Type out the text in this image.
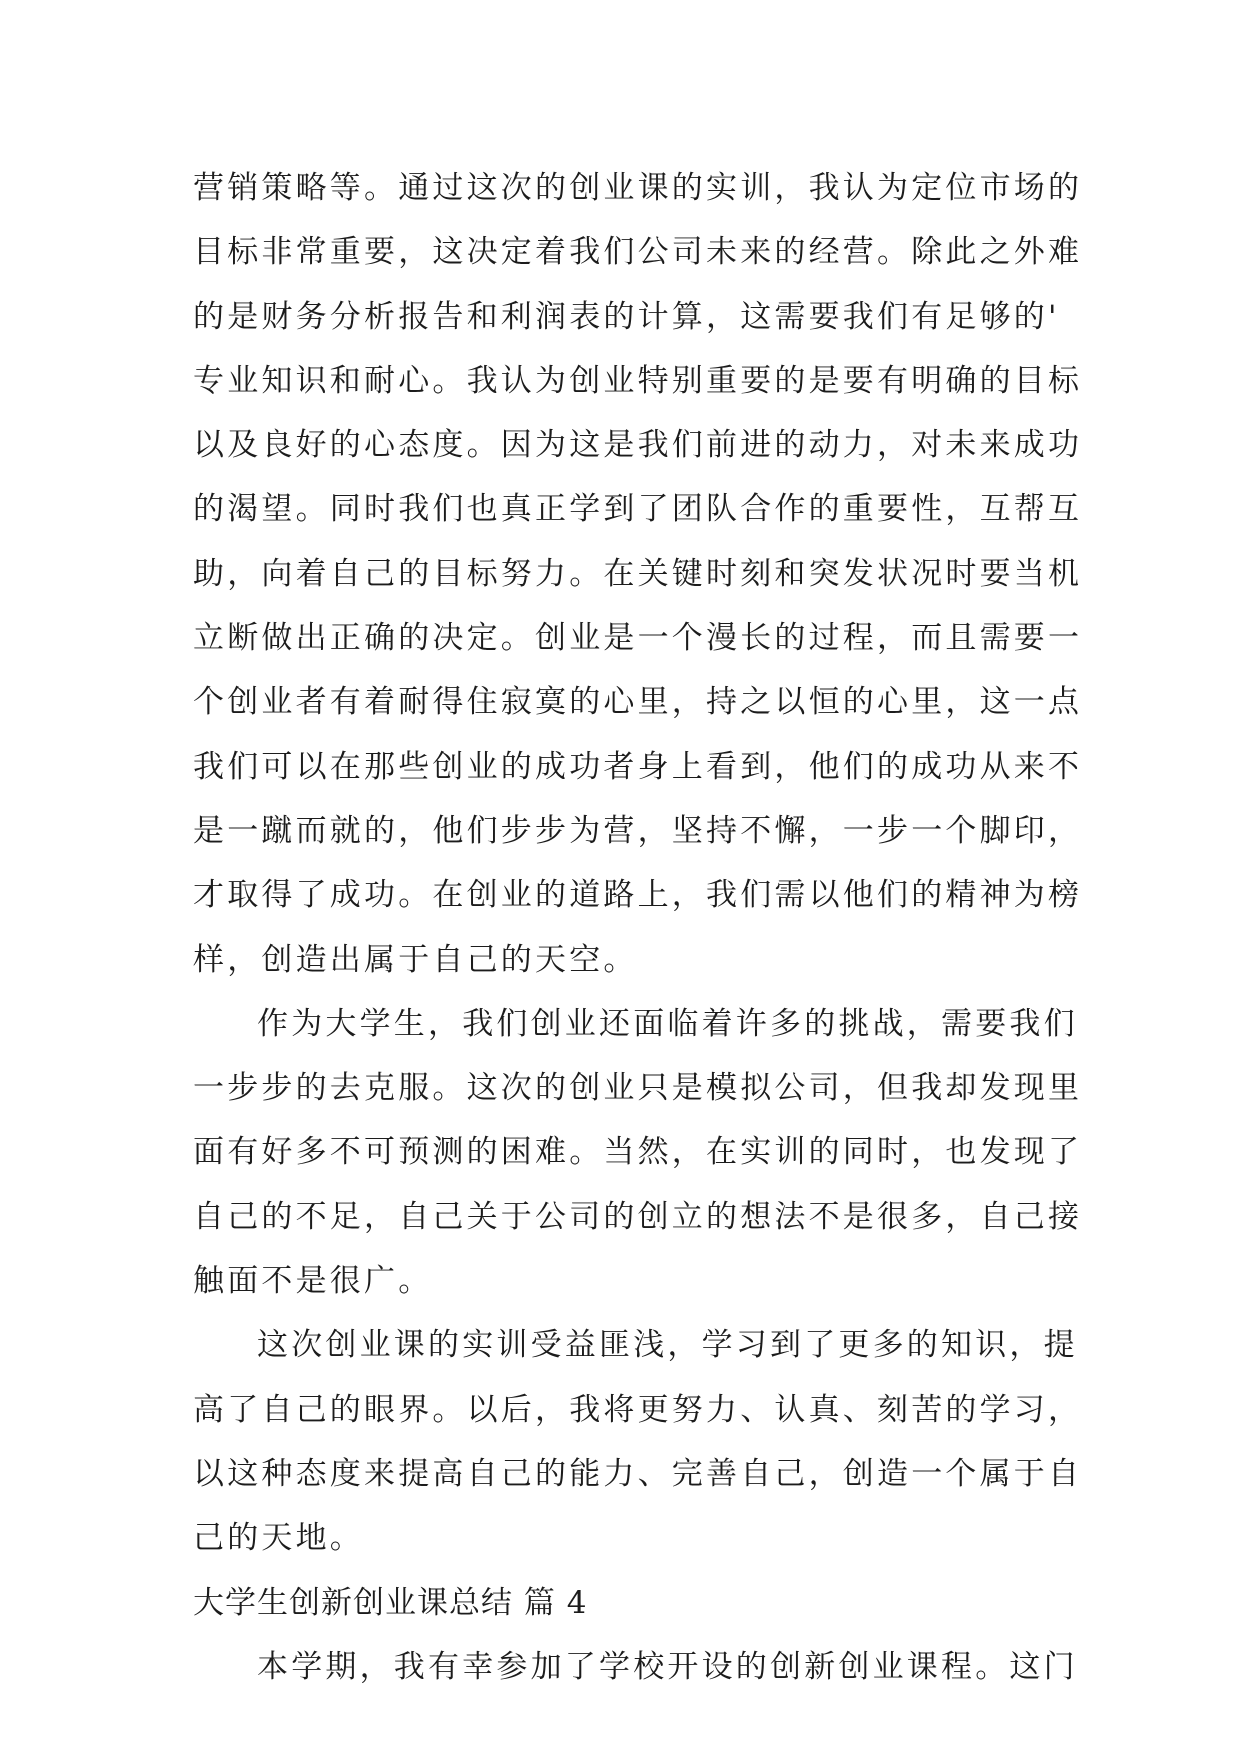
营销策略等。通过这次的创业课的实训，我认为定位市场的
目标非常重要，这决定着我们公司未来的经营。除此之外难
的是财务分析报告和利润表的计算，这需要我们有足够的'
专业知识和耐心。我认为创业特别重要的是要有明确的目标
以及良好的心态度。因为这是我们前进的动力，对未来成功
的渴望。同时我们也真正学到了团队合作的重要性，互帮互
助，向着自己的目标努力。在关键时刻和突发状况时要当机
立断做出正确的决定。创业是一个漫长的过程，而且需要一
个创业者有着耐得住寂寞的心里，持之以恒的心里，这一点
我们可以在那些创业的成功者身上看到，他们的成功从来不
是一蹴而就的，他们步步为营，坚持不懈，一步一个脚印，
才取得了成功。在创业的道路上，我们需以他们的精神为榜
样，创造出属于自己的天空。
作为大学生，我们创业还面临着许多的挑战，需要我们
一步步的去克服。这次的创业只是模拟公司，但我却发现里
面有好多不可预测的困难。当然，在实训的同时，也发现了
自己的不足，自己关于公司的创立的想法不是很多，自己接
触面不是很广。
这次创业课的实训受益匪浅，学习到了更多的知识，提
高了自己的眼界。以后，我将更努力、认真、刻苦的学习，
以这种态度来提高自己的能力、完善自己，创造一个属于自
己的天地。
大学生创新创业课总结 篇 4
本学期，我有幸参加了学校开设的创新创业课程。这门
